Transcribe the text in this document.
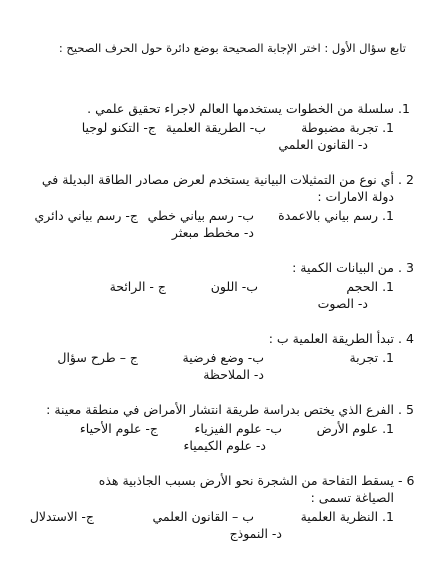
تابع سؤال الأول : اختر الإجابة الصحيحة بوضع دائرة حول الحرف الصحيح :
1.
سلسلة من الخطوات يستخدمها العالم لاجراء تحقيق علمي .
1. تجربة مضبوطة
ب- الطريقة العلمية
ج- التكنو لوجيا
د- القانون العلمي
2 .
أي نوع من التمثيلات البيانية يستخدم لعرض مصادر الطاقة البديلة في دولة الامارات :
1. رسم بياني بالاعمدة
ب- رسم بياني خطي
ج- رسم بياني دائري
د- مخطط مبعثر
3 .
من البيانات الكمية :
1. الحجم
ب- اللون
ج - الرائحة
د- الصوت
4 .
تبدأ الطريقة العلمية ب :
1. تجربة
ب- وضع فرضية
ج – طرح سؤال
د- الملاحظة
5 .
الفرع الذي يختص بدراسة طريقة انتشار الأمراض في منطقة معينة :
1. علوم الأرض
ب- علوم الفيزياء
ج- علوم الأحياء
د- علوم الكيمياء
6 -
يسقط التفاحة من الشجرة نحو الأرض بسبب الجاذبية هذه الصياغة تسمى :
1. النظرية العلمية
ب – القانون العلمي
ج- الاستدلال
د- النموذج
